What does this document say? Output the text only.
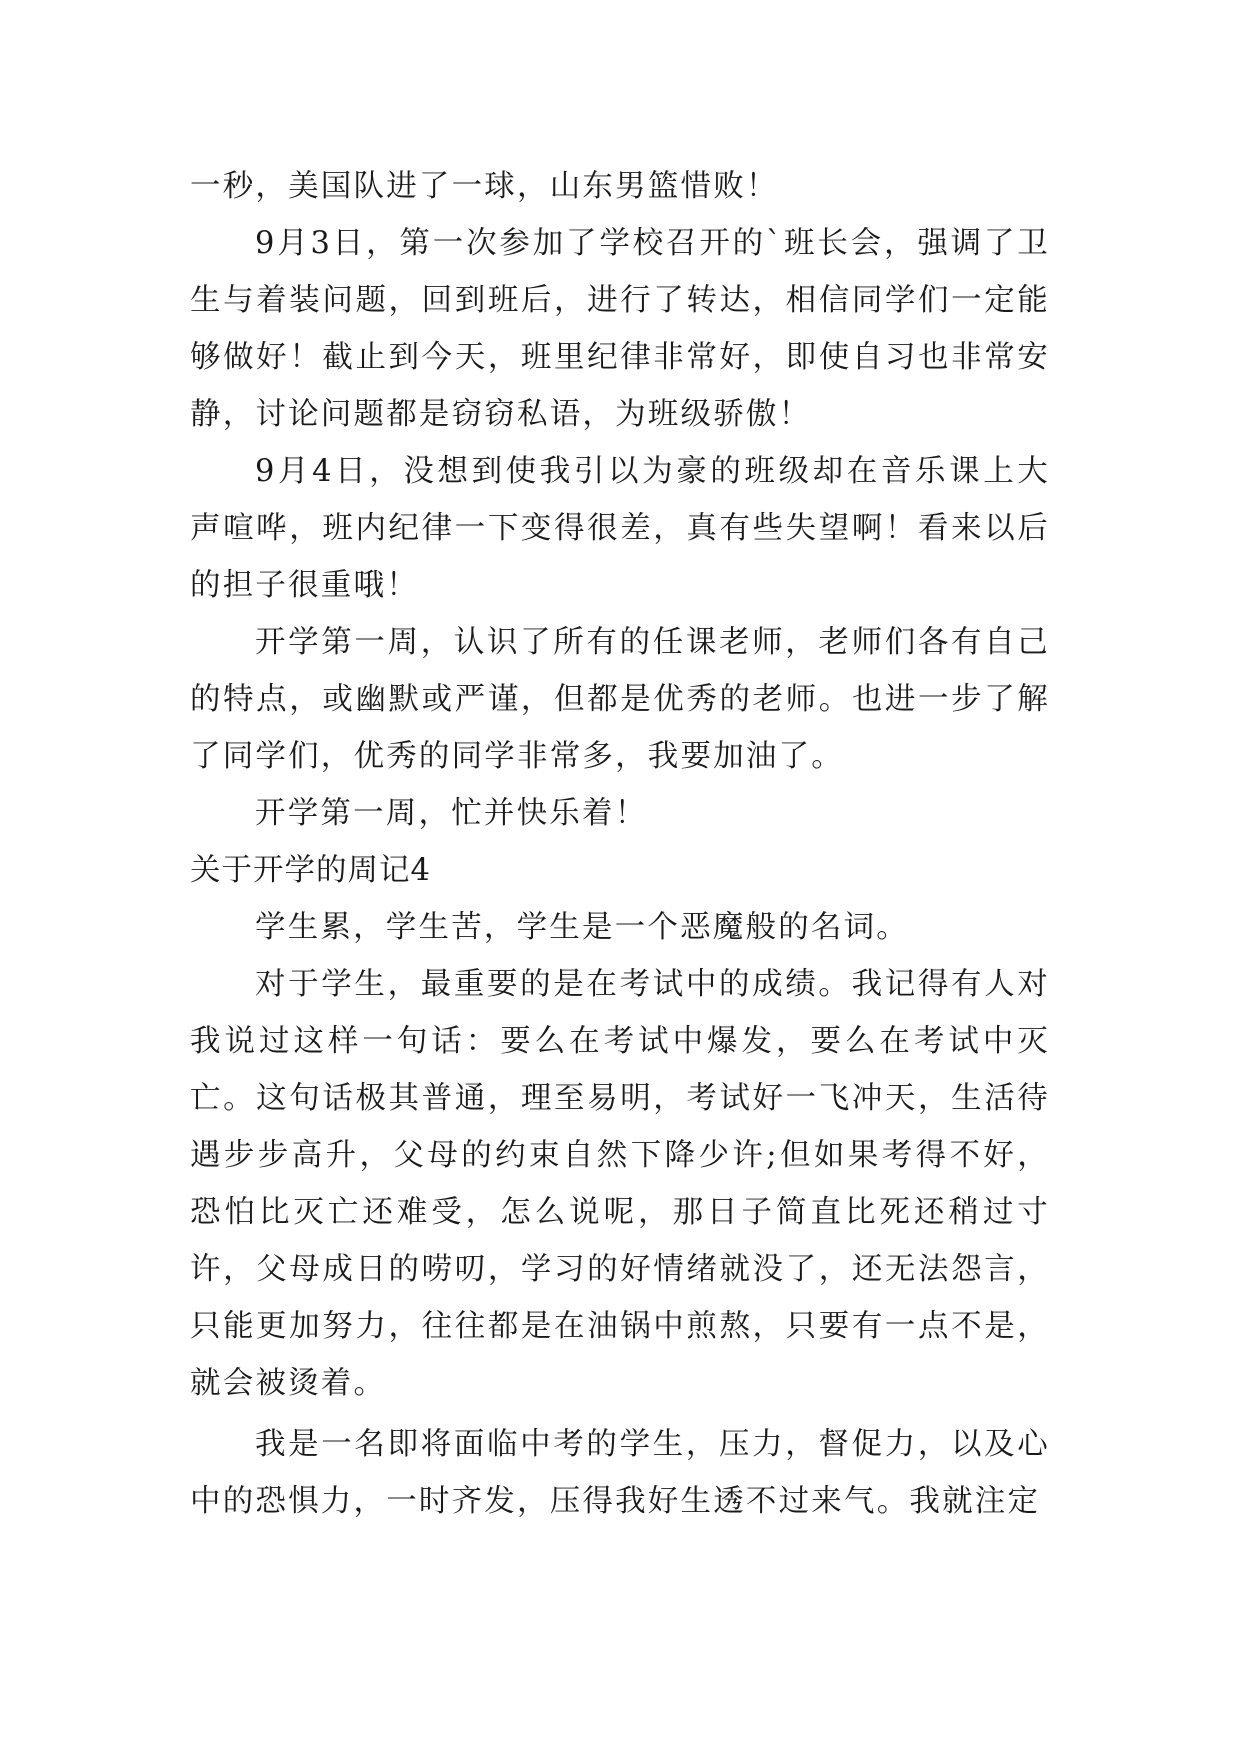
一秒，美国队进了一球，山东男篮惜败！

9月3日，第一次参加了学校召开的`班长会，强调了卫生与着装问题，回到班后，进行了转达，相信同学们一定能够做好！截止到今天，班里纪律非常好，即使自习也非常安静，讨论问题都是窃窃私语，为班级骄傲！

9月4日，没想到使我引以为豪的班级却在音乐课上大声喧哗，班内纪律一下变得很差，真有些失望啊！看来以后的担子很重哦！

开学第一周，认识了所有的任课老师，老师们各有自己的特点，或幽默或严谨，但都是优秀的老师。也进一步了解了同学们，优秀的同学非常多，我要加油了。

开学第一周，忙并快乐着！

关于开学的周记4

学生累，学生苦，学生是一个恶魔般的名词。

对于学生，最重要的是在考试中的成绩。我记得有人对我说过这样一句话：要么在考试中爆发，要么在考试中灭亡。这句话极其普通，理至易明，考试好一飞冲天，生活待遇步步高升，父母的约束自然下降少许;但如果考得不好，恐怕比灭亡还难受，怎么说呢，那日子简直比死还稍过寸许，父母成日的唠叨，学习的好情绪就没了，还无法怨言，只能更加努力，往往都是在油锅中煎熬，只要有一点不是，就会被烫着。

我是一名即将面临中考的学生，压力，督促力，以及心中的恐惧力，一时齐发，压得我好生透不过来气。我就注定
